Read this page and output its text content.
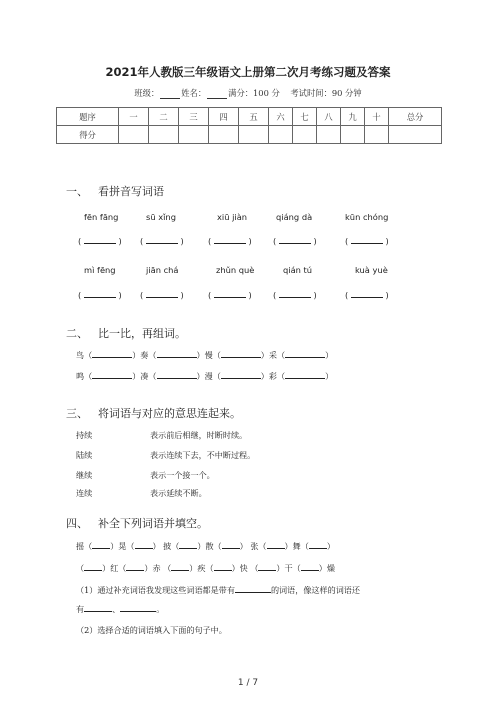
2021年人教版三年级语文上册第二次月考练习题及答案
班级：	姓名：	满分：100 分 考试时间：90 分钟
题序	一	二	三	四	五	六	七	八	九	十	总分
得分											
一、 看拼音写词语
fēn fāng	sū xǐng	xiū jiàn	qiáng dà	kūn chóng
(	) (	)	(	)	(	)	(	)
mì fēng	jiān chá	zhǔn què	qián tú	kuà yuè
(	) (	)	(	)	(	)	(	)
二、 比一比，再组词。
鸟（	）奏（	）慢（	）采（	）
鸣（	）凑（	）漫（	）彩（	）
三、 将词语与对应的意思连起来。
持续	表示前后相继，时断时续。
陆续	表示连续下去，不中断过程。
继续	表示一个接一个。
连续	表示延续不断。
四、 补全下列词语并填空。
摇（ ）晃（ ） 披（ ）散（ ） 张（ ）舞（ ）
（ ）红（ ）赤 （ ）疾（ ）快 （ ）干（ ）燥
（1）通过补充词语我发现这些词语都是带有	的词语，像这样的词语还
有	、	。
（2）选择合适的词语填入下面的句子中。
1 / 7
